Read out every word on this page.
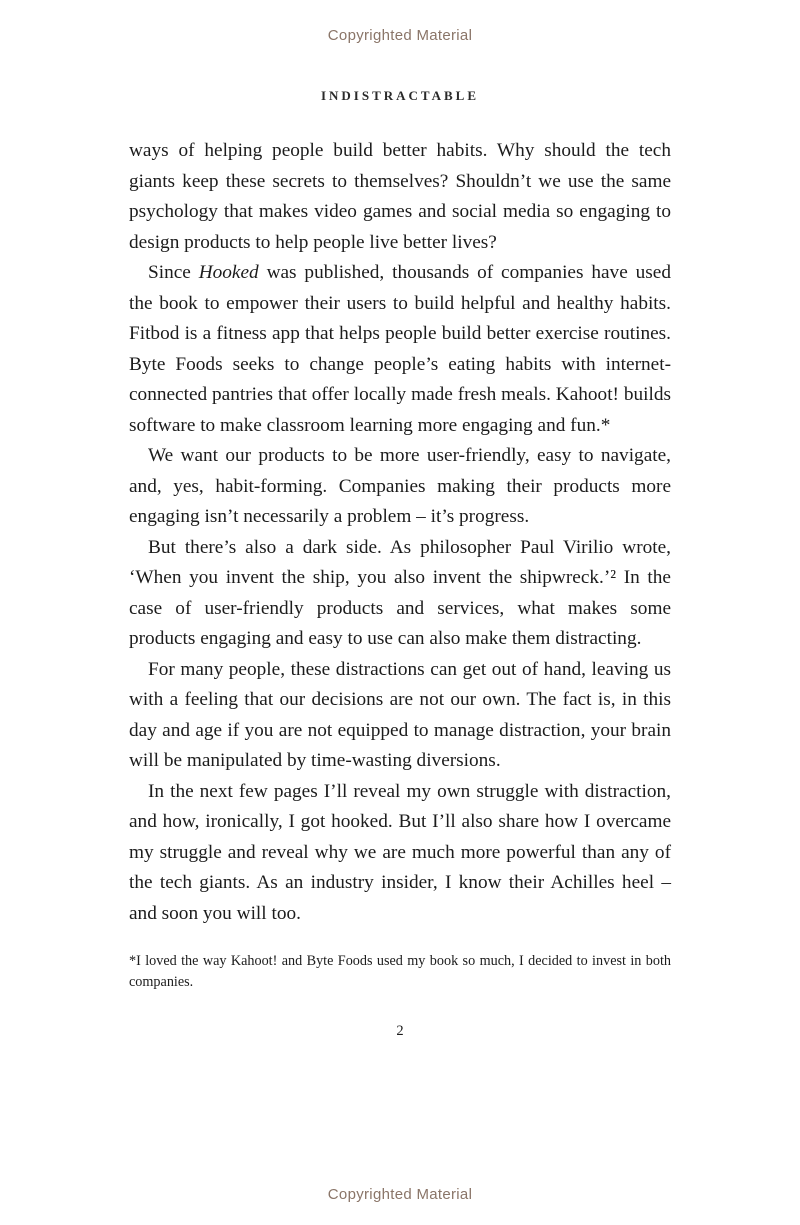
Copyrighted Material
INDISTRACTABLE

ways of helping people build better habits. Why should the tech giants keep these secrets to themselves? Shouldn’t we use the same psychology that makes video games and social media so engaging to design products to help people live better lives?

Since Hooked was published, thousands of companies have used the book to empower their users to build helpful and healthy habits. Fitbod is a fitness app that helps people build better exercise routines. Byte Foods seeks to change people’s eating habits with internet-connected pantries that offer locally made fresh meals. Kahoot! builds software to make classroom learning more engaging and fun.*

We want our products to be more user-friendly, easy to navigate, and, yes, habit-forming. Companies making their products more engaging isn’t necessarily a problem – it’s progress.

But there’s also a dark side. As philosopher Paul Virilio wrote, ‘When you invent the ship, you also invent the shipwreck.’² In the case of user-friendly products and services, what makes some products engaging and easy to use can also make them distracting.

For many people, these distractions can get out of hand, leaving us with a feeling that our decisions are not our own. The fact is, in this day and age if you are not equipped to manage distraction, your brain will be manipulated by time-wasting diversions.

In the next few pages I’ll reveal my own struggle with distraction, and how, ironically, I got hooked. But I’ll also share how I overcame my struggle and reveal why we are much more powerful than any of the tech giants. As an industry insider, I know their Achilles heel – and soon you will too.

*I loved the way Kahoot! and Byte Foods used my book so much, I decided to invest in both companies.
2
Copyrighted Material
